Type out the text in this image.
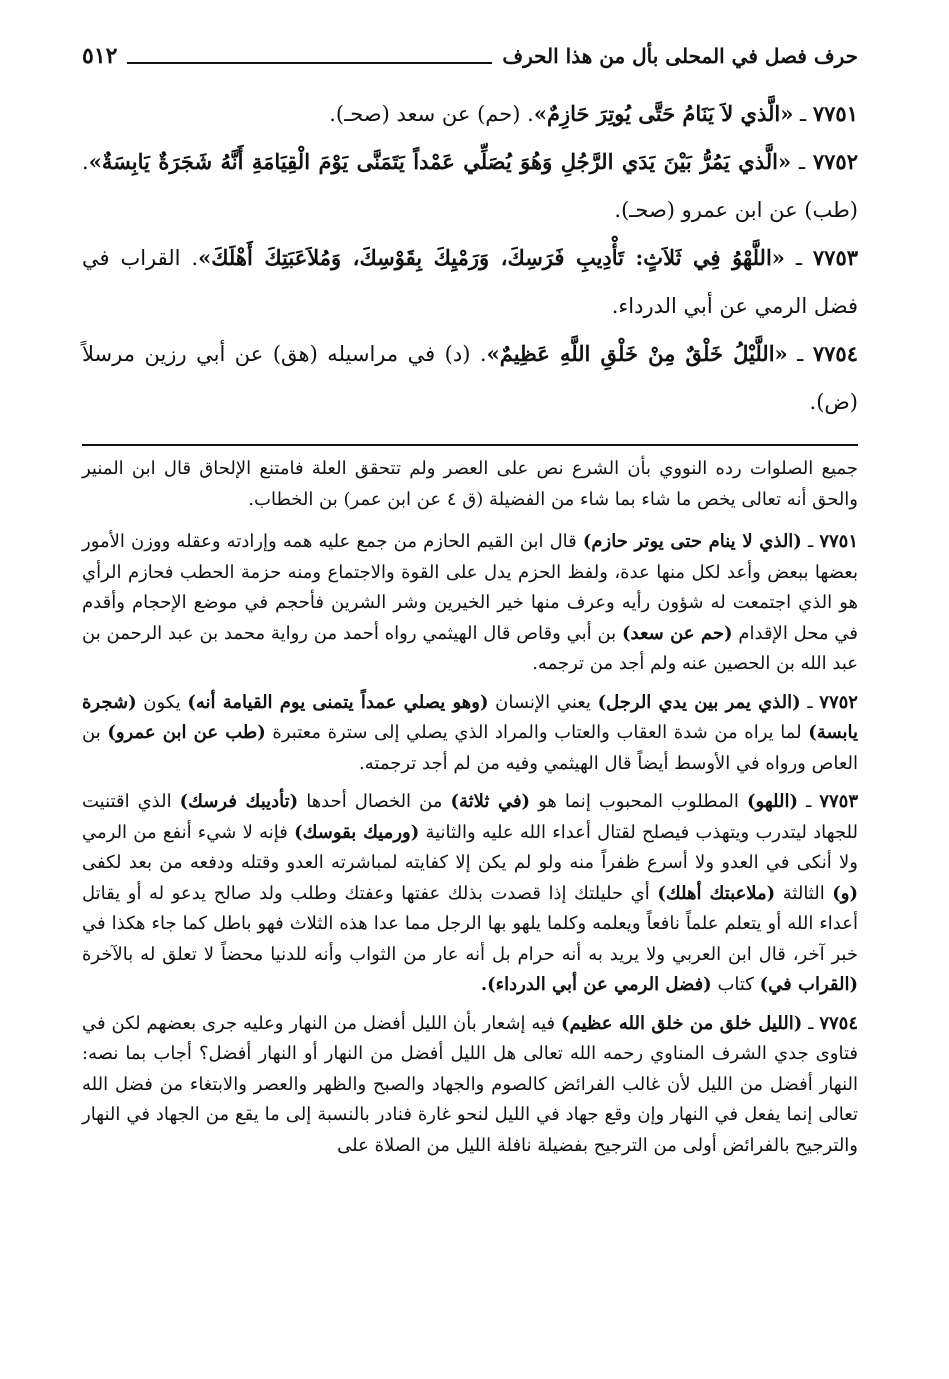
حرف فصل في المحلى بأل من هذا الحرف
٥١٢

٧٧٥١ ـ «الَّذي لاَ يَنَامُ حَتَّى يُوتِرَ حَازِمٌ». (حم) عن سعد (صحـ).

٧٧٥٢ ـ «الَّذي يَمُرُّ بَيْنَ يَدَي الرَّجُلِ وَهُوَ يُصَلِّي عَمْداً يَتَمَنَّى يَوْمَ الْقِيَامَةِ أَنَّهُ شَجَرَةٌ يَابِسَةٌ». (طب) عن ابن عمرو (صحـ).

٧٧٥٣ ـ «اللَّهْوُ فِي ثَلاَثٍ: تَأْدِيبِ فَرَسِكَ، وَرَمْيِكَ بِقَوْسِكَ، وَمُلاَعَبَتِكَ أَهْلَكَ». القراب في فضل الرمي عن أبي الدرداء.

٧٧٥٤ ـ «اللَّيْلُ خَلْقٌ مِنْ خَلْقِ اللَّهِ عَظِيمٌ». (د) في مراسيله (هق) عن أبي رزين مرسلاً (ض).

جميع الصلوات رده النووي بأن الشرع نص على العصر ولم تتحقق العلة فامتنع الإلحاق قال ابن المنير والحق أنه تعالى يخص ما شاء بما شاء من الفضيلة (ق ٤ عن ابن عمر) بن الخطاب.

٧٧٥١ ـ (الذي لا ينام حتى يوتر حازم) قال ابن القيم الحازم من جمع عليه همه وإرادته وعقله ووزن الأمور بعضها ببعض وأعد لكل منها عدة، ولفظ الحزم يدل على القوة والاجتماع ومنه حزمة الحطب فحازم الرأي هو الذي اجتمعت له شؤون رأيه وعرف منها خير الخيرين وشر الشرين فأحجم في موضع الإحجام وأقدم في محل الإقدام (حم عن سعد) بن أبي وقاص قال الهيثمي رواه أحمد من رواية محمد بن عبد الرحمن بن عبد الله بن الحصين عنه ولم أجد من ترجمه.

٧٧٥٢ ـ (الذي يمر بين يدي الرجل) يعني الإنسان (وهو يصلي عمداً يتمنى يوم القيامة أنه) يكون (شجرة يابسة) لما يراه من شدة العقاب والعتاب والمراد الذي يصلي إلى سترة معتبرة (طب عن ابن عمرو) بن العاص ورواه في الأوسط أيضاً قال الهيثمي وفيه من لم أجد ترجمته.

٧٧٥٣ ـ (اللهو) المطلوب المحبوب إنما هو (في ثلاثة) من الخصال أحدها (تأديبك فرسك) الذي اقتنيت للجهاد ليتدرب ويتهذب فيصلح لقتال أعداء الله عليه والثانية (ورميك بقوسك) فإنه لا شيء أنفع من الرمي ولا أنكى في العدو ولا أسرع ظفراً منه ولو لم يكن إلا كفايته لمباشرته العدو وقتله ودفعه من بعد لكفى (و) الثالثة (ملاعبتك أهلك) أي حليلتك إذا قصدت بذلك عفتها وعفتك وطلب ولد صالح يدعو له أو يقاتل أعداء الله أو يتعلم علماً نافعاً ويعلمه وكلما يلهو بها الرجل مما عدا هذه الثلاث فهو باطل كما جاء هكذا في خبر آخر، قال ابن العربي ولا يريد به أنه حرام بل أنه عار من الثواب وأنه للدنيا محضاً لا تعلق له بالآخرة (القراب في) كتاب (فضل الرمي عن أبي الدرداء).

٧٧٥٤ ـ (الليل خلق من خلق الله عظيم) فيه إشعار بأن الليل أفضل من النهار وعليه جرى بعضهم لكن في فتاوى جدي الشرف المناوي رحمه الله تعالى هل الليل أفضل من النهار أو النهار أفضل؟ أجاب بما نصه: النهار أفضل من الليل لأن غالب الفرائض كالصوم والجهاد والصبح والظهر والعصر والابتغاء من فضل الله تعالى إنما يفعل في النهار وإن وقع جهاد في الليل لنحو غارة فنادر بالنسبة إلى ما يقع من الجهاد في النهار والترجيح بالفرائض أولى من الترجيح بفضيلة نافلة الليل من الصلاة على
